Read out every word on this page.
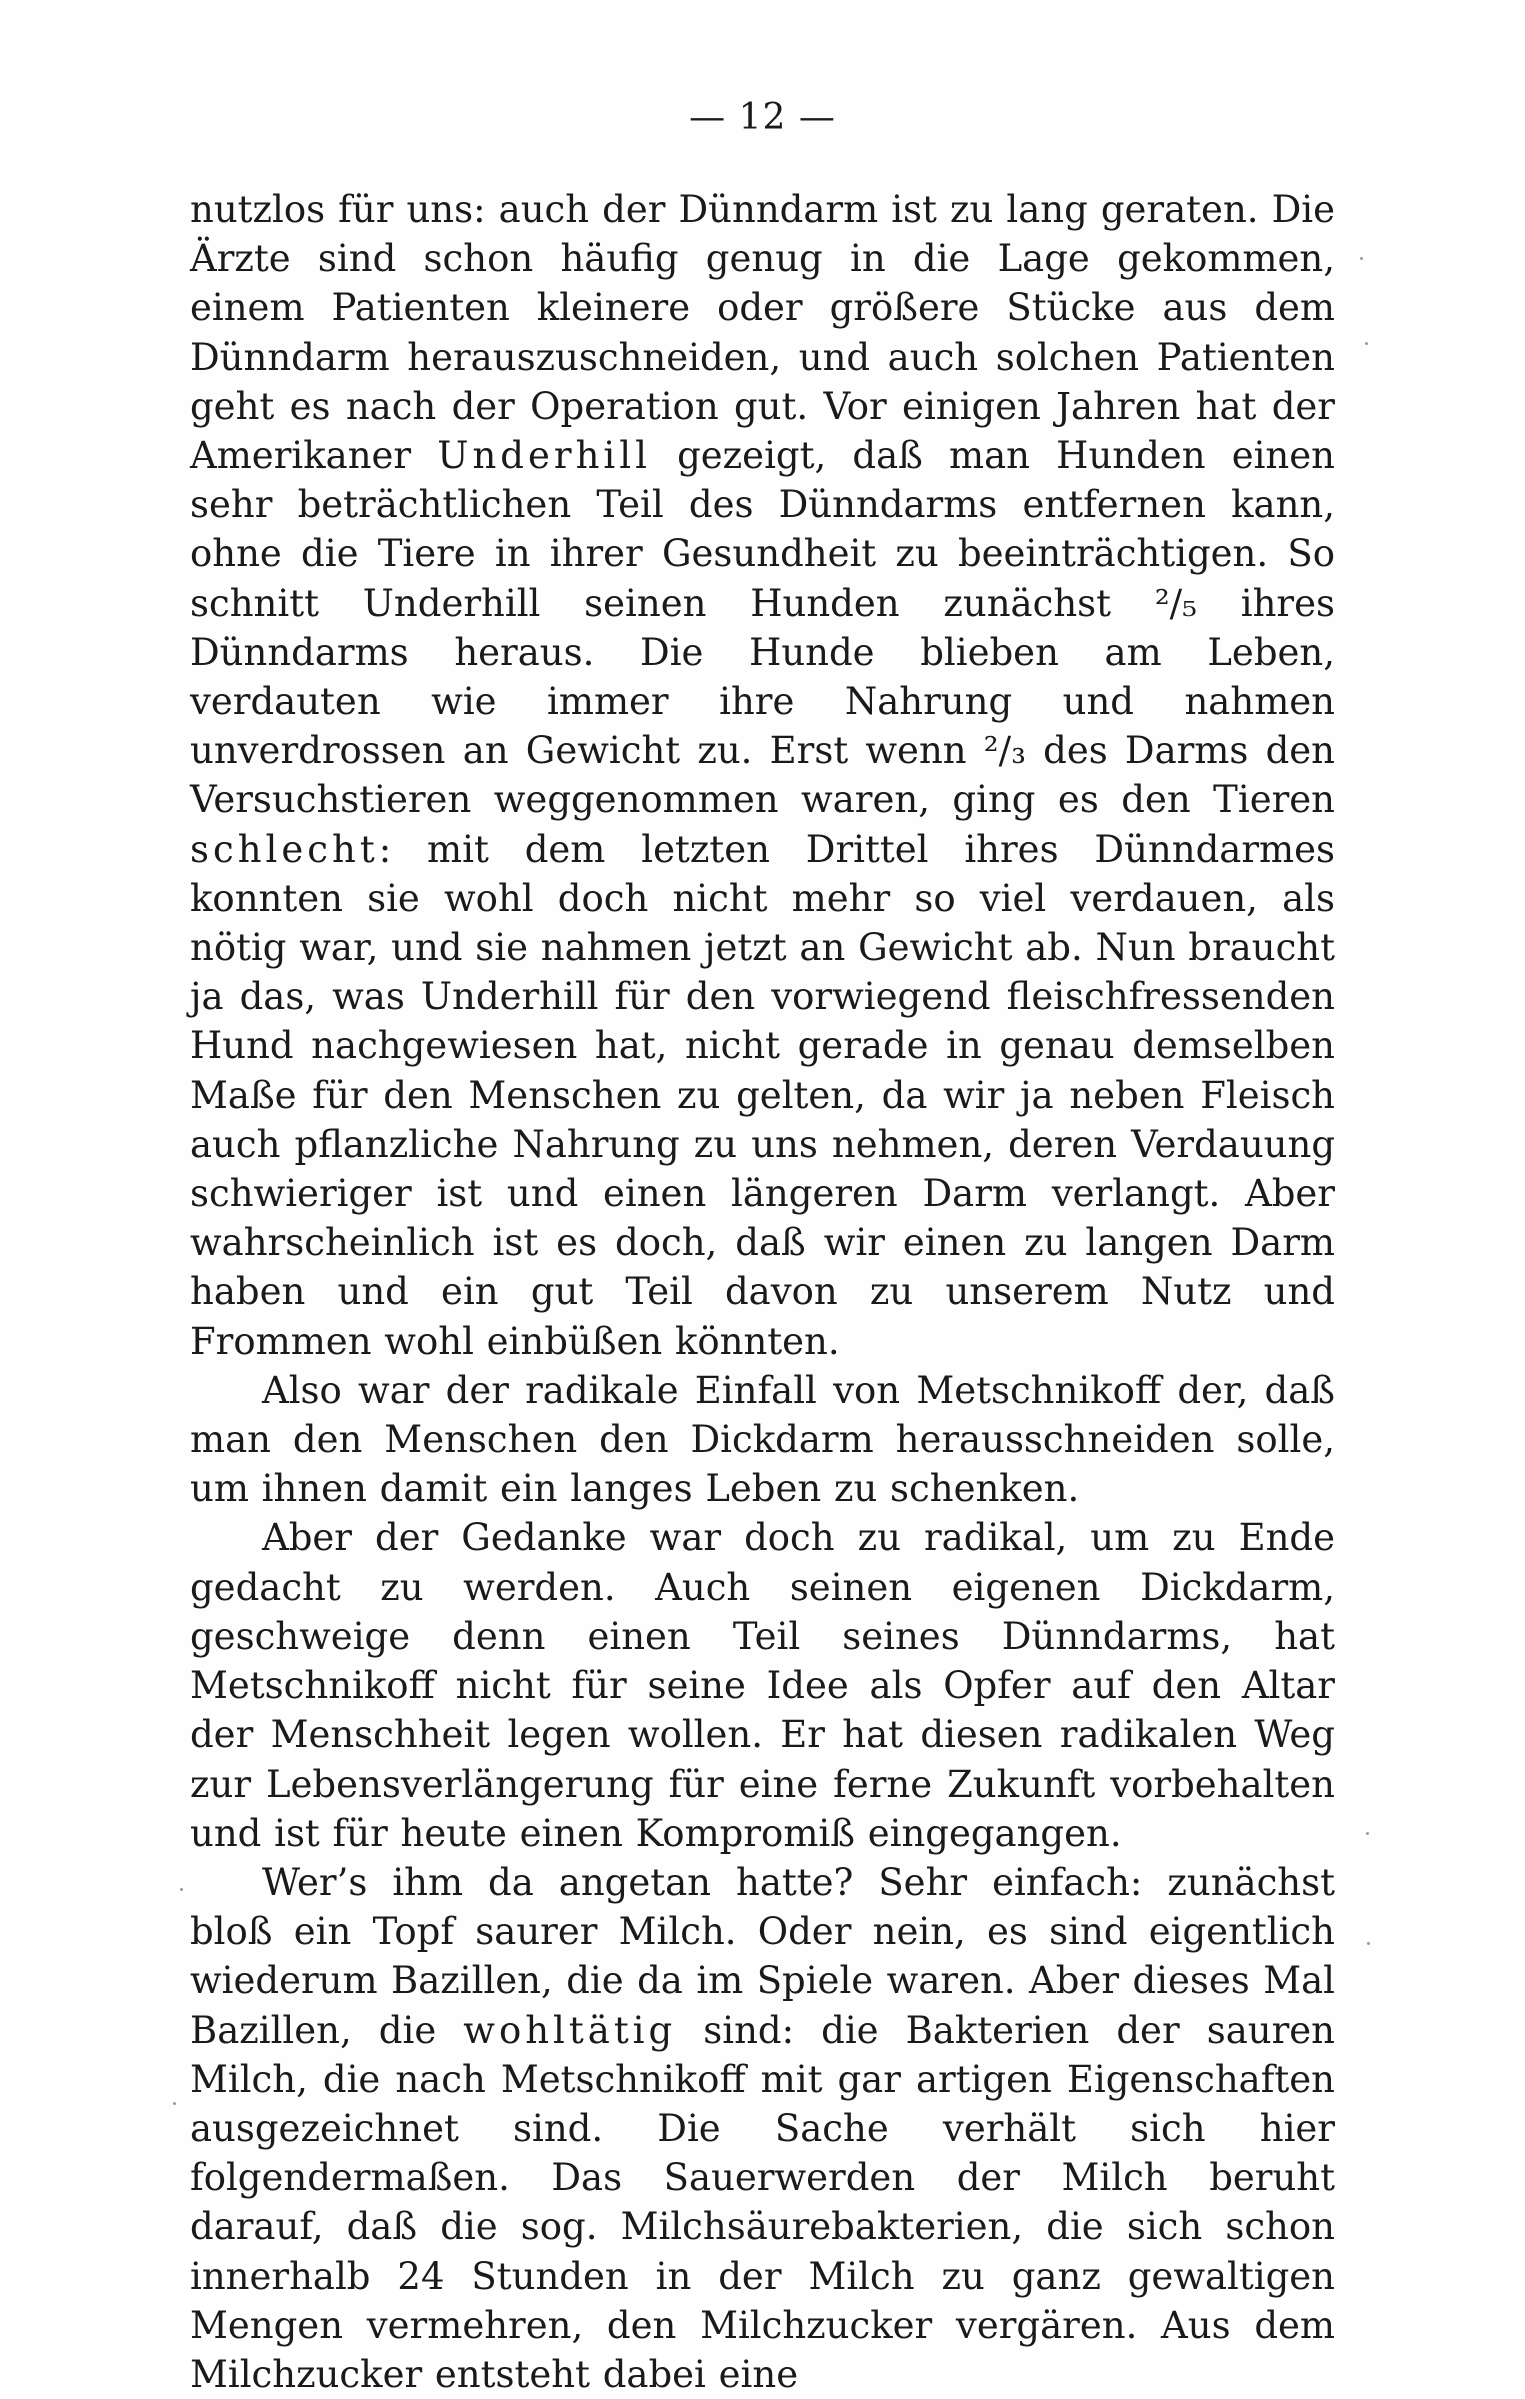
— 12 —

nutzlos für uns: auch der Dünndarm ist zu lang geraten. Die Ärzte sind schon häufig genug in die Lage gekommen, einem Patienten kleinere oder größere Stücke aus dem Dünndarm herauszuschneiden, und auch solchen Patienten geht es nach der Operation gut. Vor einigen Jahren hat der Amerikaner Underhill gezeigt, daß man Hunden einen sehr beträchtlichen Teil des Dünndarms entfernen kann, ohne die Tiere in ihrer Gesundheit zu beeinträchtigen. So schnitt Underhill seinen Hunden zunächst ²/₅ ihres Dünndarms heraus. Die Hunde blieben am Leben, verdauten wie immer ihre Nahrung und nahmen unverdrossen an Gewicht zu. Erst wenn ²/₃ des Darms den Versuchstieren weggenommen waren, ging es den Tieren schlecht: mit dem letzten Drittel ihres Dünndarmes konnten sie wohl doch nicht mehr so viel verdauen, als nötig war, und sie nahmen jetzt an Gewicht ab. Nun braucht ja das, was Underhill für den vorwiegend fleischfressenden Hund nachgewiesen hat, nicht gerade in genau demselben Maße für den Menschen zu gelten, da wir ja neben Fleisch auch pflanzliche Nahrung zu uns nehmen, deren Verdauung schwieriger ist und einen längeren Darm verlangt. Aber wahrscheinlich ist es doch, daß wir einen zu langen Darm haben und ein gut Teil davon zu unserem Nutz und Frommen wohl einbüßen könnten.

Also war der radikale Einfall von Metschnikoff der, daß man den Menschen den Dickdarm herausschneiden solle, um ihnen damit ein langes Leben zu schenken.

Aber der Gedanke war doch zu radikal, um zu Ende gedacht zu werden. Auch seinen eigenen Dickdarm, geschweige denn einen Teil seines Dünndarms, hat Metschnikoff nicht für seine Idee als Opfer auf den Altar der Menschheit legen wollen. Er hat diesen radikalen Weg zur Lebensverlängerung für eine ferne Zukunft vorbehalten und ist für heute einen Kompromiß eingegangen.

Wer’s ihm da angetan hatte? Sehr einfach: zunächst bloß ein Topf saurer Milch. Oder nein, es sind eigentlich wiederum Bazillen, die da im Spiele waren. Aber dieses Mal Bazillen, die wohltätig sind: die Bakterien der sauren Milch, die nach Metschnikoff mit gar artigen Eigenschaften ausgezeichnet sind. Die Sache verhält sich hier folgendermaßen. Das Sauerwerden der Milch beruht darauf, daß die sog. Milchsäurebakterien, die sich schon innerhalb 24 Stunden in der Milch zu ganz gewaltigen Mengen vermehren, den Milchzucker vergären. Aus dem Milchzucker entsteht dabei eine
